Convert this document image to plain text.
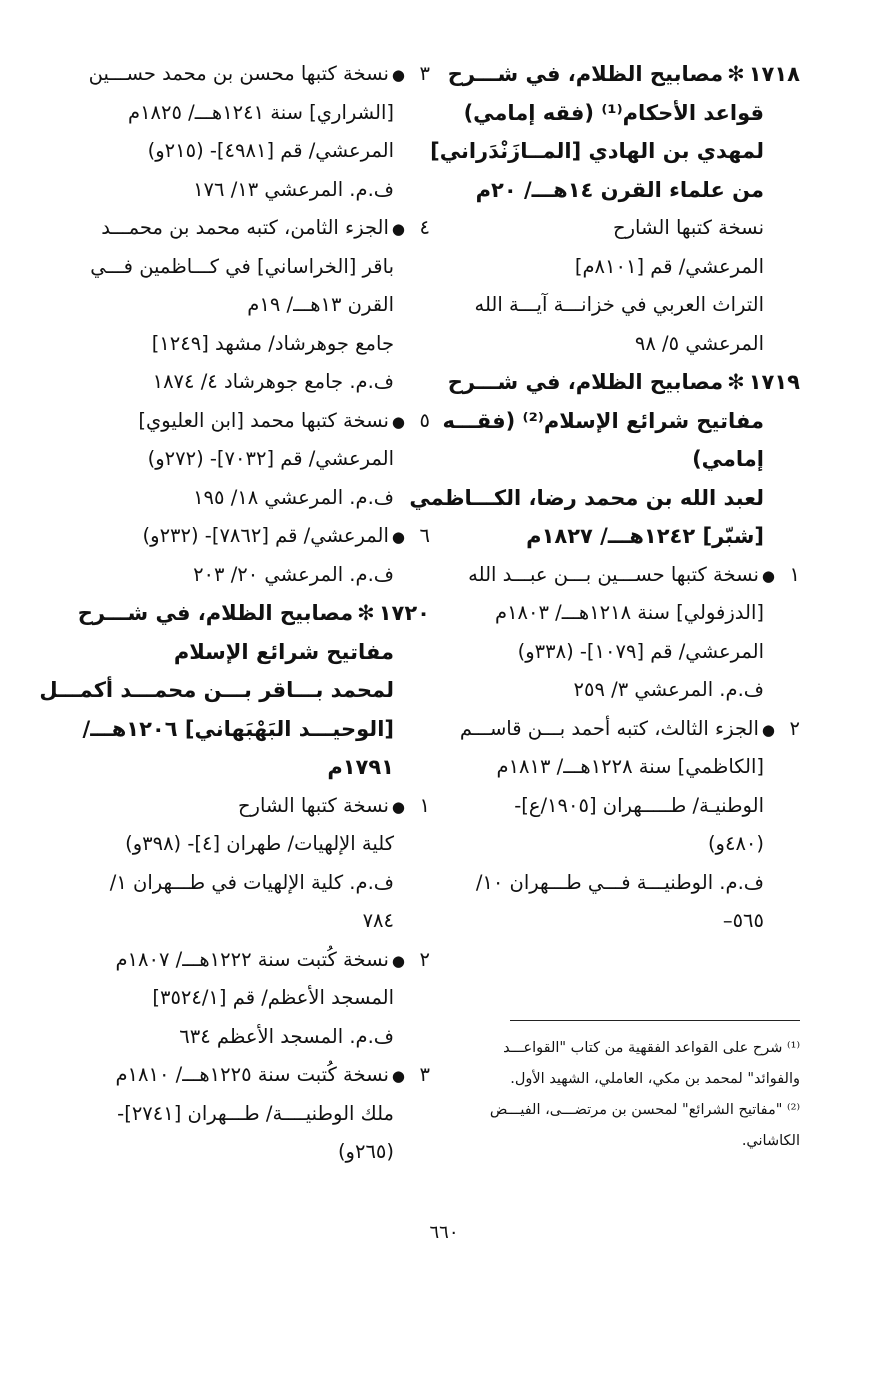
١٧١٨✻مصابيح الظلام، في شـــرح
قواعد الأحكام⁽¹⁾ (فقه إمامي)
لمهدي بن الهادي [المــازَنْدَراني]
من علماء القرن ١٤هـــ/ ٢٠م
نسخة كتبها الشارح
المرعشي/ قم [٨١٠١م]
التراث العربي في خزانـــة آيـــة الله
المرعشي ٥/ ٩٨
١٧١٩✻مصابيح الظلام، في شـــرح
مفاتيح شرائع الإسلام⁽²⁾ (فقـــه
إمامي)
لعبد الله بن محمد رضا، الكـــاظمي
[شبّر] ١٢٤٢هـــ/ ١٨٢٧م
١●نسخة كتبها حســـين بـــن عبـــد الله
[الدزفولي] سنة ١٢١٨هـــ/ ١٨٠٣م
المرعشي/ قم [١٠٧٩]- (٣٣٨و)
ف.م. المرعشي ٣/ ٢٥٩
٢●الجزء الثالث، كتبه أحمد بـــن قاســـم
[الكاظمي] سنة ١٢٢٨هـــ/ ١٨١٣م
الوطنيـة/ طـــــهران [١٩٠٥/ع]-
(٤٨٠و)
ف.م. الوطنيـــة فـــي طـــهران ١٠/
٥٦٥–
٣●نسخة كتبها محسن بن محمد حســـين
[الشراري] سنة ١٢٤١هـــ/ ١٨٢٥م
المرعشي/ قم [٤٩٨١]- (٢١٥و)
ف.م. المرعشي ١٣/ ١٧٦
٤●الجزء الثامن، كتبه محمد بن محمـــد
باقر [الخراساني] في كـــاظمين فـــي
القرن ١٣هـــ/ ١٩م
جامع جوهرشاد/ مشهد [١٢٤٩]
ف.م. جامع جوهرشاد ٤/ ١٨٧٤
٥●نسخة كتبها محمد [ابن العليوي]
المرعشي/ قم [٧٠٣٢]- (٢٧٢و)
ف.م. المرعشي ١٨/ ١٩٥
٦●المرعشي/ قم [٧٨٦٢]- (٢٣٢و)
ف.م. المرعشي ٢٠/ ٢٠٣
١٧٢٠✻مصابيح الظلام، في شـــرح
مفاتيح شرائع الإسلام
لمحمد بـــاقر بـــن محمـــد أكمـــل
[الوحيـــد البَهْبَهاني] ١٢٠٦هـــ/
١٧٩١م
١●نسخة كتبها الشارح
كلية الإلهيات/ طهران [٤]- (٣٩٨و)
ف.م. كلية الإلهيات في طـــهران ١/
٧٨٤
٢●نسخة كُتبت سنة ١٢٢٢هـــ/ ١٨٠٧م
المسجد الأعظم/ قم [٣٥٢٤/١]
ف.م. المسجد الأعظم ٦٣٤
٣●نسخة كُتبت سنة ١٢٢٥هـــ/ ١٨١٠م
ملك الوطنيــــة/ طـــهران [٢٧٤١]-
(٢٦٥و)
⁽¹⁾ شرح على القواعد الفقهية من كتاب "القواعـــد
والفوائد" لمحمد بن مكي، العاملي، الشهيد الأول.
⁽²⁾ "مفاتيح الشرائع" لمحسن بن مرتضـــى، الفيـــض
الكاشاني.
٦٦٠
